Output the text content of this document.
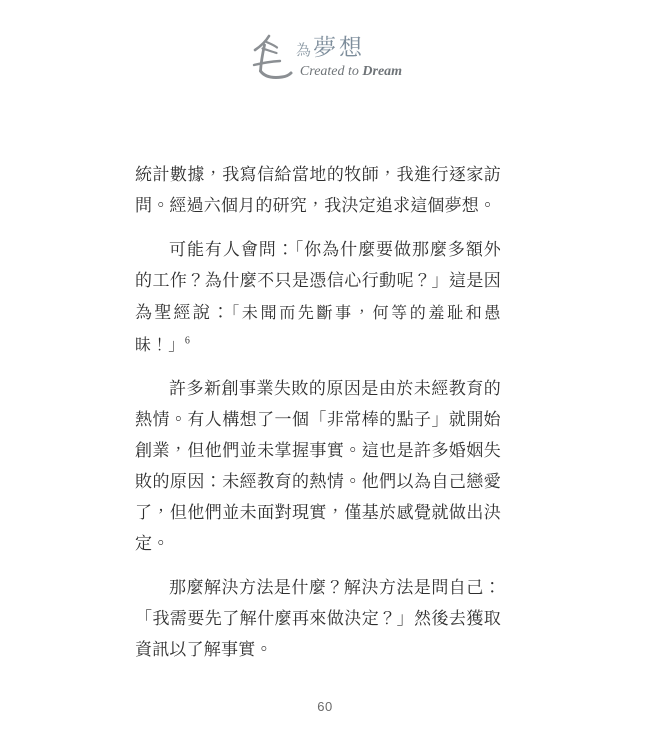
為夢想
Created to Dream

統計數據，我寫信給當地的牧師，我進行逐家訪問。經過六個月的研究，我決定追求這個夢想。

可能有人會問：「你為什麼要做那麼多額外的工作？為什麼不只是憑信心行動呢？」這是因為聖經說：「未聞而先斷事，何等的羞耻和愚昧！」$^6$

許多新創事業失敗的原因是由於未經教育的熱情。有人構想了一個「非常棒的點子」就開始創業，但他們並未掌握事實。這也是許多婚姻失敗的原因：未經教育的熱情。他們以為自己戀愛了，但他們並未面對現實，僅基於感覺就做出決定。

那麼解決方法是什麼？解決方法是問自己：「我需要先了解什麼再來做決定？」然後去獲取資訊以了解事實。

60
